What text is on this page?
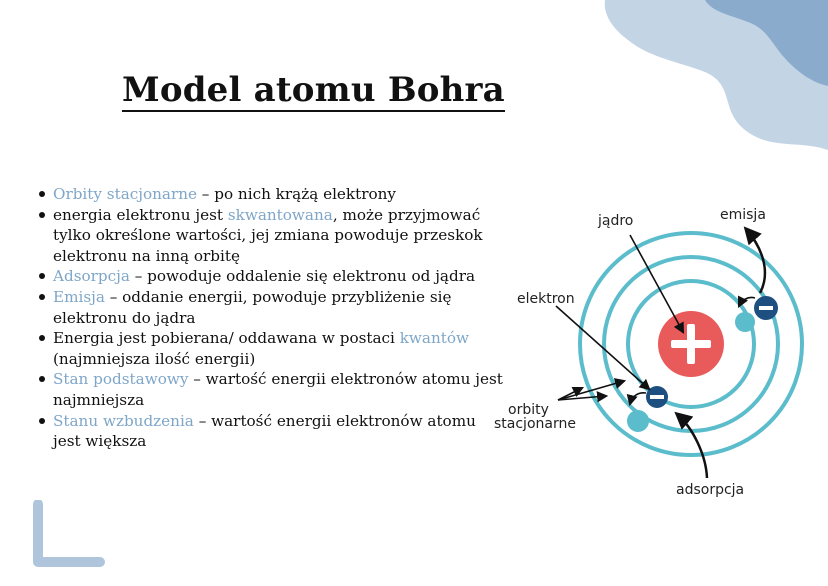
Model atomu Bohra
Orbity stacjonarne – po nich krążą elektrony
energia elektronu jest skwantowana, może przyjmować tylko określone wartości, jej zmiana powoduje przeskok elektronu na inną orbitę
Adsorpcja – powoduje oddalenie się elektronu od jądra
Emisja – oddanie energii, powoduje przybliżenie się elektronu do jądra
Energia jest pobierana/ oddawana w postaci kwantów (najmniejsza ilość energii)
Stan podstawowy – wartość energii elektronów atomu jest najmniejsza
Stanu wzbudzenia – wartość energii elektronów atomu jest większa
jądro	emisja
elektron
orbity
stacjonarne
adsorpcja
